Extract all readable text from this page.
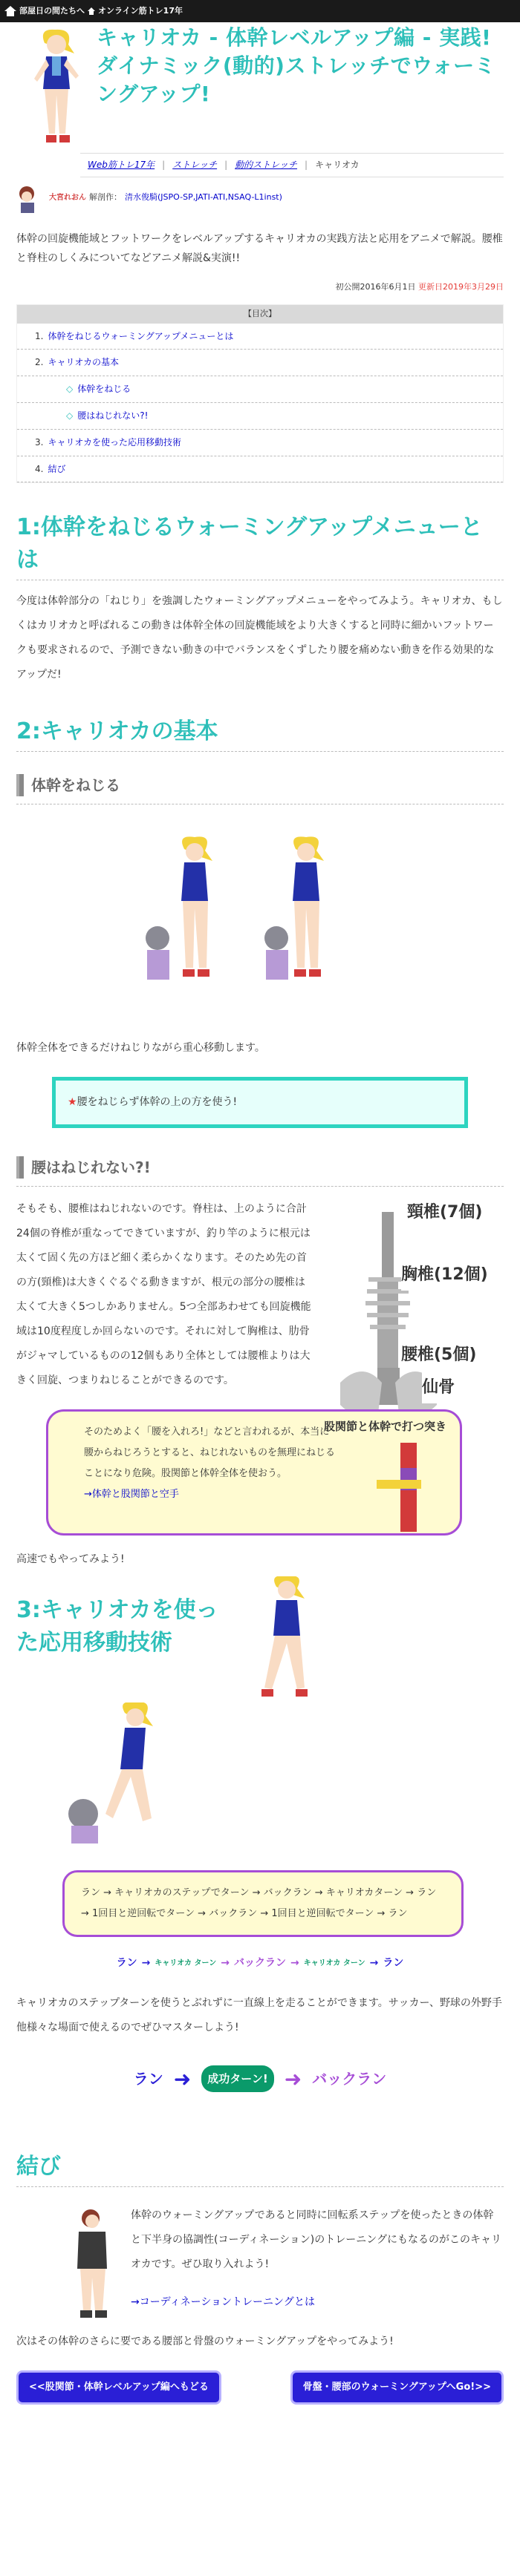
部屋日の間たちへ オンライン筋トレ17年
キャリオカ - 体幹レベルアップ編 - 実践!ダイナミック(動的)ストレッチでウォーミングアップ!
Web筋トレ17年 | ストレッチ | 動的ストレッチ | キャリオカ
大宮れおん 解剖作： 清水俊騎(JSPO-SP,JATI-ATI,NSAQ-L1inst)

体幹の回旋機能域とフットワークをレベルアップするキャリオカの実践方法と応用をアニメで解説。腰椎と脊柱のしくみについてなどアニメ解説&実演!!

初公開2016年6月1日 更新日2019年3月29日
【目次】
1. 体幹をねじるウォーミングアップメニューとは
2. キャリオカの基本
◇ 体幹をねじる
◇ 腰はねじれない?!
3. キャリオカを使った応用移動技術
4. 結び
1:体幹をねじるウォーミングアップメニューとは

今度は体幹部分の「ねじり」を強調したウォーミングアップメニューをやってみよう。キャリオカ、もしくはカリオカと呼ばれるこの動きは体幹全体の回旋機能域をより大きくすると同時に細かいフットワークも要求されるので、予測できない動きの中でバランスをくずしたり腰を痛めない動きを作る効果的なアップだ!

2:キャリオカの基本
体幹をねじる

体幹全体をできるだけねじりながら重心移動します。

★腰をねじらず体幹の上の方を使う!
腰はねじれない?!

そもそも、腰椎はねじれないのです。脊柱は、上のように合計24個の脊椎が重なってできていますが、釣り竿のように根元は太くて固く先の方ほど細く柔らかくなります。そのため先の首の方(頸椎)は大きくぐるぐる動きますが、根元の部分の腰椎は太くて大きく5つしかありません。5つ全部あわせても回旋機能域は10度程度しか回らないのです。それに対して胸椎は、肋骨がジャマしているものの12個もあり全体としては腰椎よりは大きく回旋、つまりねじることができるのです。

頸椎(7個)
胸椎(12個)
腰椎(5個)
仙骨

そのためよく「腰を入れろ!」などと言われるが、本当に腰からねじろうとすると、ねじれないものを無理にねじることになり危険。股関節と体幹全体を使おう。
→体幹と股関節と空手

股関節と体幹で打つ突き

高速でもやってみよう!

3:キャリオカを使った応用移動技術
ラン → キャリオカのステップでターン → バックラン → キャリオカターン → ラン → 1回目と逆回転でターン → バックラン → 1回目と逆回転でターン → ラン
ラン → キャリオカ ターン → バックラン → キャリオカ ターン → ラン

キャリオカのステップターンを使うとぶれずに一直線上を走ることができます。サッカー、野球の外野手他様々な場面で使えるのでぜひマスターしよう!

ラン ➜	成功ターン! ➜ バックラン
結び

体幹のウォーミングアップであると同時に回転系ステップを使ったときの体幹と下半身の協調性(コーディネーション)のトレーニングにもなるのがこのキャリオカです。ぜひ取り入れよう!

→コーディネーショントレーニングとは

次はその体幹のさらに要である腰部と骨盤のウォーミングアップをやってみよう!

<<股関節・体幹レベルアップ編へもどる	骨盤・腰部のウォーミングアップへGo!>>
